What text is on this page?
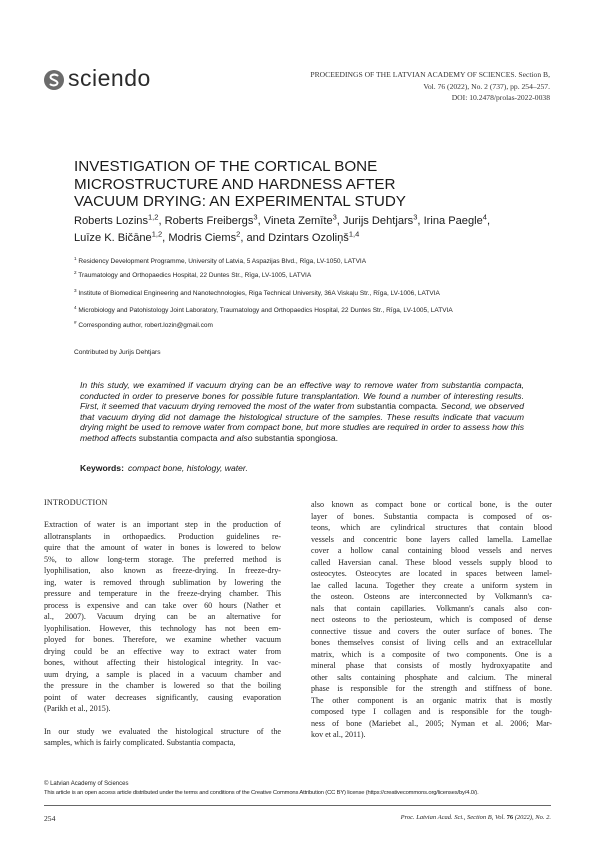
sciendo	PROCEEDINGS OF THE LATVIAN ACADEMY OF SCIENCES. Section B,
Vol. 76 (2022), No. 2 (737), pp. 254–257.
DOI: 10.2478/prolas-2022-0038
INVESTIGATION OF THE CORTICAL BONE
MICROSTRUCTURE AND HARDNESS AFTER
VACUUM DRYING: AN EXPERIMENTAL STUDY
Roberts Lozins$^{1,2}$, Roberts Freibergs$^3$, Vineta Zemīte$^3$, Jurijs Dehtjars$^3$, Irina Paegle$^4$,
Luīze K. Bičāne$^{1,2}$, Modris Ciems$^2$, and Dzintars Ozoliņš$^{1,4}$
$^1$ Residency Development Programme, University of Latvia, 5 Aspazijas Blvd., Rīga, LV-1050, LATVIA
$^2$ Traumatology and Orthopaedics Hospital, 22 Duntes Str., Rīga, LV-1005, LATVIA
$^3$ Institute of Biomedical Engineering and Nanotechnologies, Riga Technical University, 36A Viskaļu Str., Rīga, LV-1006, LATVIA
$^4$ Microbiology and Patohistology Joint Laboratory, Traumatology and Orthopaedics Hospital, 22 Duntes Str., Rīga, LV-1005, LATVIA
# Corresponding author, robert.lozin@gmail.com
Contributed by Jurijs Dehtjars
In this study, we examined if vacuum drying can be an effective way to remove water from substantia compacta, conducted in order to preserve bones for possible future transplantation. We found a number of interesting results. First, it seemed that vacuum drying removed the most of the water from substantia compacta. Second, we observed that vacuum drying did not damage the histological structure of the samples. These results indicate that vacuum drying might be used to remove water from compact bone, but more studies are required in order to assess how this method affects substantia compacta and also substantia spongiosa.
Keywords: compact bone, histology, water.
INTRODUCTION
Extraction of water is an important step in the production of
allotransplants in orthopaedics. Production guidelines re-
quire that the amount of water in bones is lowered to below
5%, to allow long-term storage. The preferred method is
lyophilisation, also known as freeze-drying. In freeze-dry-
ing, water is removed through sublimation by lowering the
pressure and temperature in the freeze-drying chamber. This
process is expensive and can take over 60 hours (Nather et
al., 2007). Vacuum drying can be an alternative for
lyophilisation. However, this technology has not been em-
ployed for bones. Therefore, we examine whether vacuum
drying could be an effective way to extract water from
bones, without affecting their histological integrity. In vac-
uum drying, a sample is placed in a vacuum chamber and
the pressure in the chamber is lowered so that the boiling
point of water decreases significantly, causing evaporation
(Parikh et al., 2015).
In our study we evaluated the histological structure of the
samples, which is fairly complicated. Substantia compacta,
also known as compact bone or cortical bone, is the outer
layer of bones. Substantia compacta is composed of os-
teons, which are cylindrical structures that contain blood
vessels and concentric bone layers called lamella. Lamellae
cover a hollow canal containing blood vessels and nerves
called Haversian canal. These blood vessels supply blood to
osteocytes. Osteocytes are located in spaces between lamel-
lae called lacuna. Together they create a uniform system in
the osteon. Osteons are interconnected by Volkmann's ca-
nals that contain capillaries. Volkmann's canals also con-
nect osteons to the periosteum, which is composed of dense
connective tissue and covers the outer surface of bones. The
bones themselves consist of living cells and an extracellular
matrix, which is a composite of two components. One is a
mineral phase that consists of mostly hydroxyapatite and
other salts containing phosphate and calcium. The mineral
phase is responsible for the strength and stiffness of bone.
The other component is an organic matrix that is mostly
composed type I collagen and is responsible for the tough-
ness of bone (Mariebet al., 2005; Nyman et al. 2006; Mar-
kov et al., 2011).
© Latvian Academy of Sciences
This article is an open access article distributed under the terms and conditions of the Creative Commons Attribution (CC BY) license (https://creativecommons.org/licenses/by/4.0/).
254	Proc. Latvian Acad. Sci., Section B, Vol. 76 (2022), No. 2.
